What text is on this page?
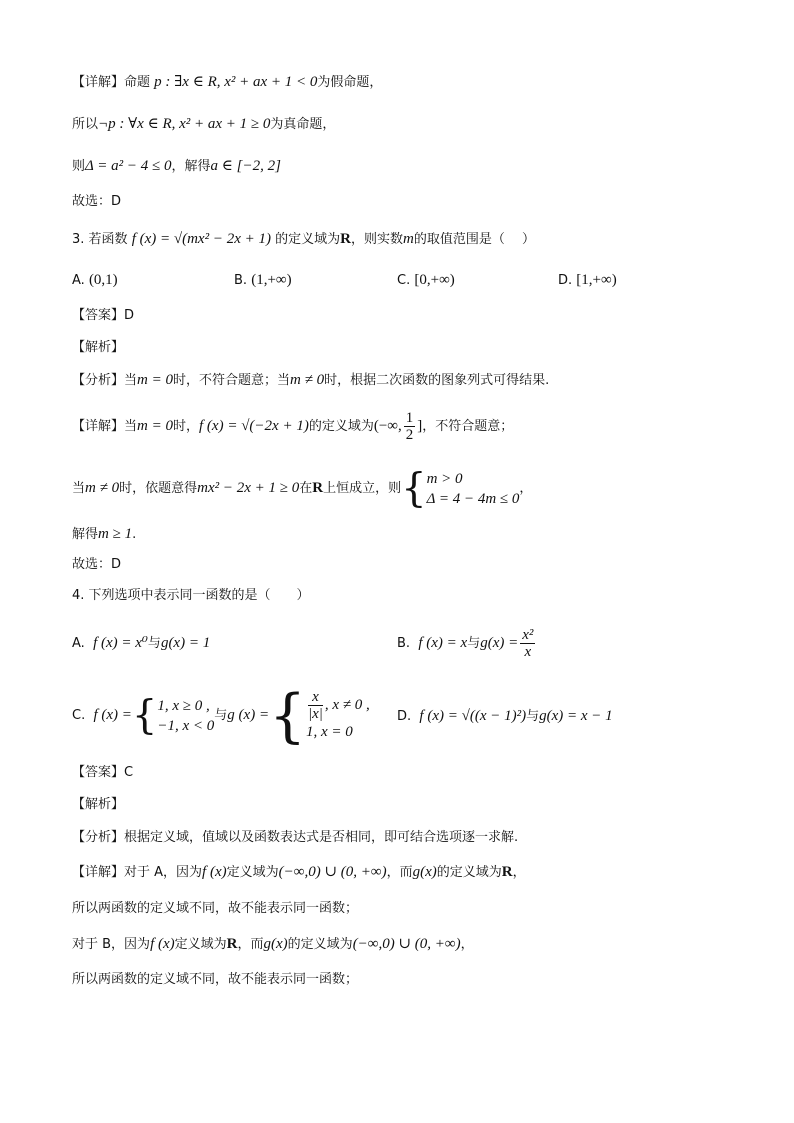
【详解】命题 p : ∃x ∈ R, x² + ax + 1 < 0为假命题，
所以¬p : ∀x ∈ R, x² + ax + 1 ≥ 0为真命题，
则Δ = a² − 4 ≤ 0，解得a ∈ [−2, 2]
故选：D
3. 若函数 f (x) = √(mx² − 2x + 1) 的定义域为R，则实数m的取值范围是（　 ）
A. (0,1)	B. (1,+∞)	C. [0,+∞)	D. [1,+∞)
【答案】D
【解析】
【分析】当m = 0时，不符合题意；当m ≠ 0时，根据二次函数的图象列式可得结果.
【详解】当m = 0时，f (x) = √(−2x + 1)的定义域为(−∞, $\frac{1}{2}$ ]，不符合题意；
当m ≠ 0时，依题意得mx² − 2x + 1 ≥ 0在R上恒成立，则{ m > 0
Δ = 4 − 4m ≤ 0
，
解得m ≥ 1.
故选：D
4. 下列选项中表示同一函数的是（　　）
A. f (x) = x⁰与g(x) = 1	B. f (x) = x与$g(x) = \frac{\text{x²}}{x}$
C. f (x) ={ 1, x ≥ 0 ,
−1, x < 0
与g (x) ={ $\frac{x}{|x|}$ , x ≠ 0 ,
1, x = 0
D. f (x) = √((x − 1)²)与g(x) = x − 1
【答案】C
【解析】
【分析】根据定义域，值域以及函数表达式是否相同，即可结合选项逐一求解.
【详解】对于 A，因为f (x)定义域为(−∞,0) ∪ (0, +∞)，而g(x)的定义域为R，
所以两函数的定义域不同，故不能表示同一函数；
对于 B，因为f (x)定义域为R，而g(x)的定义域为(−∞,0) ∪ (0, +∞)，
所以两函数的定义域不同，故不能表示同一函数；
